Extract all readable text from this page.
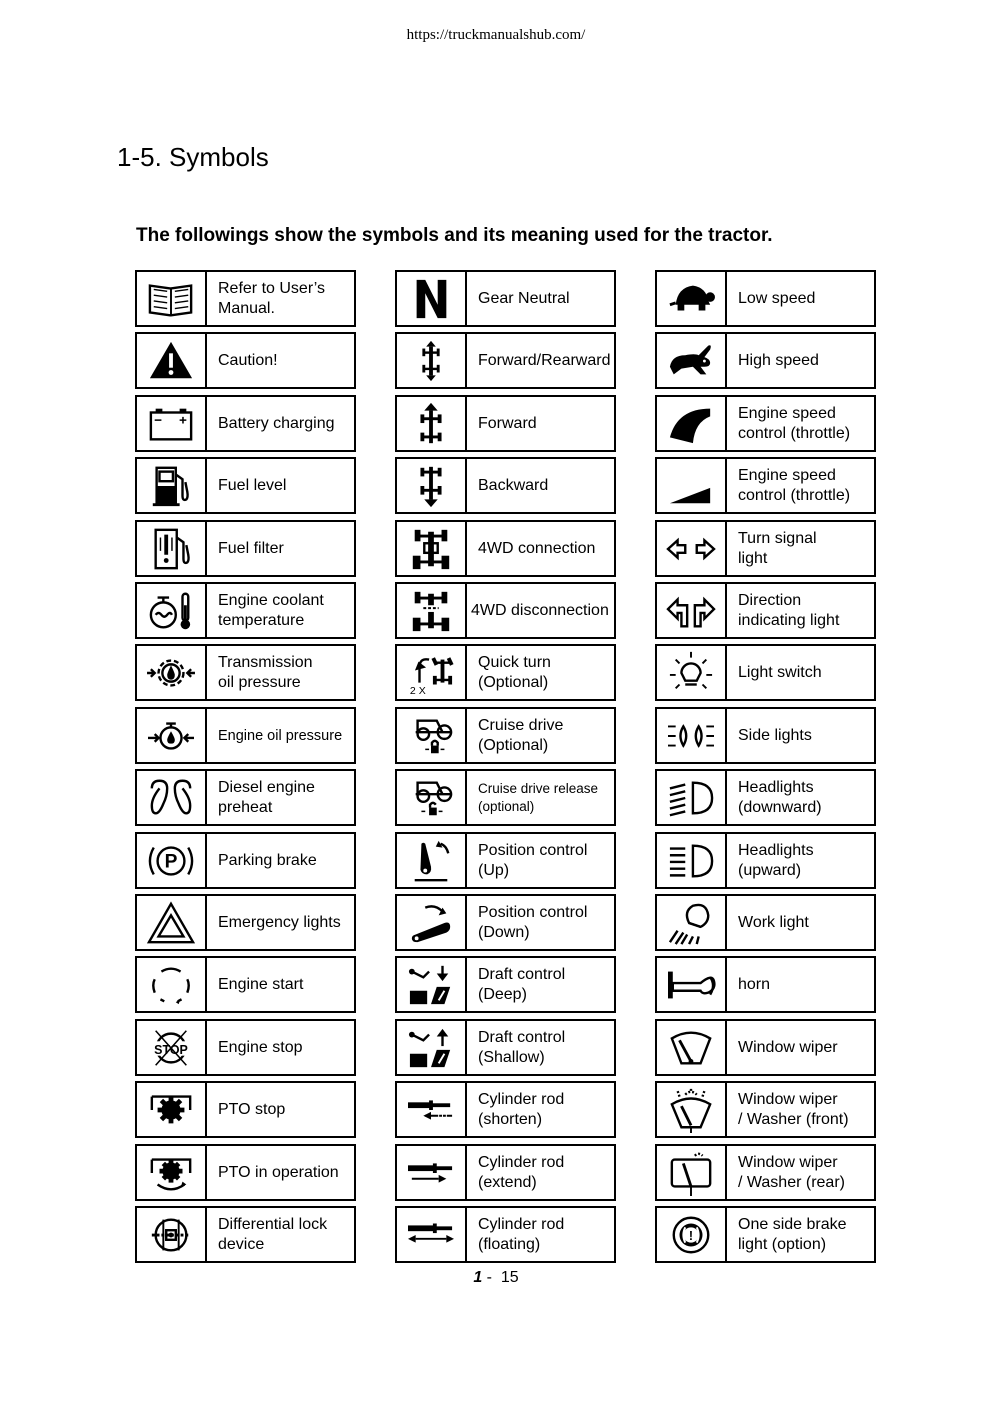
https://truckmanualshub.com/
1-5. Symbols
The followings show the symbols and its meaning used for the tractor.
Refer to User’s
Manual.
Caution!
Battery charging
Fuel level
Fuel filter
Engine coolant
temperature
Transmission
oil pressure
Engine oil pressure
Diesel engine
preheat
P	Parking brake
Emergency lights
Engine start
STOP	Engine stop
PTO stop
PTO in operation
Differential lock
device
Gear Neutral
Forward/Rearward
Forward
Backward
4WD connection
4WD disconnection
2 X
Quick turn
(Optional)
Cruise drive
(Optional)
Cruise drive release
(optional)
Position control
(Up)
Position control
(Down)
Draft control
(Deep)
Draft control
(Shallow)
Cylinder rod
(shorten)
Cylinder rod
(extend)
Cylinder rod
(floating)
Low speed
High speed
Engine speed
control (throttle)
Engine speed
control (throttle)
Turn signal
light
Direction
indicating light
Light switch
Side lights
Headlights
(downward)
Headlights
(upward)
Work light
horn
Window wiper
Window wiper
/ Washer (front)
Window wiper
/ Washer (rear)
!
One side brake
light (option)
1 - 15
